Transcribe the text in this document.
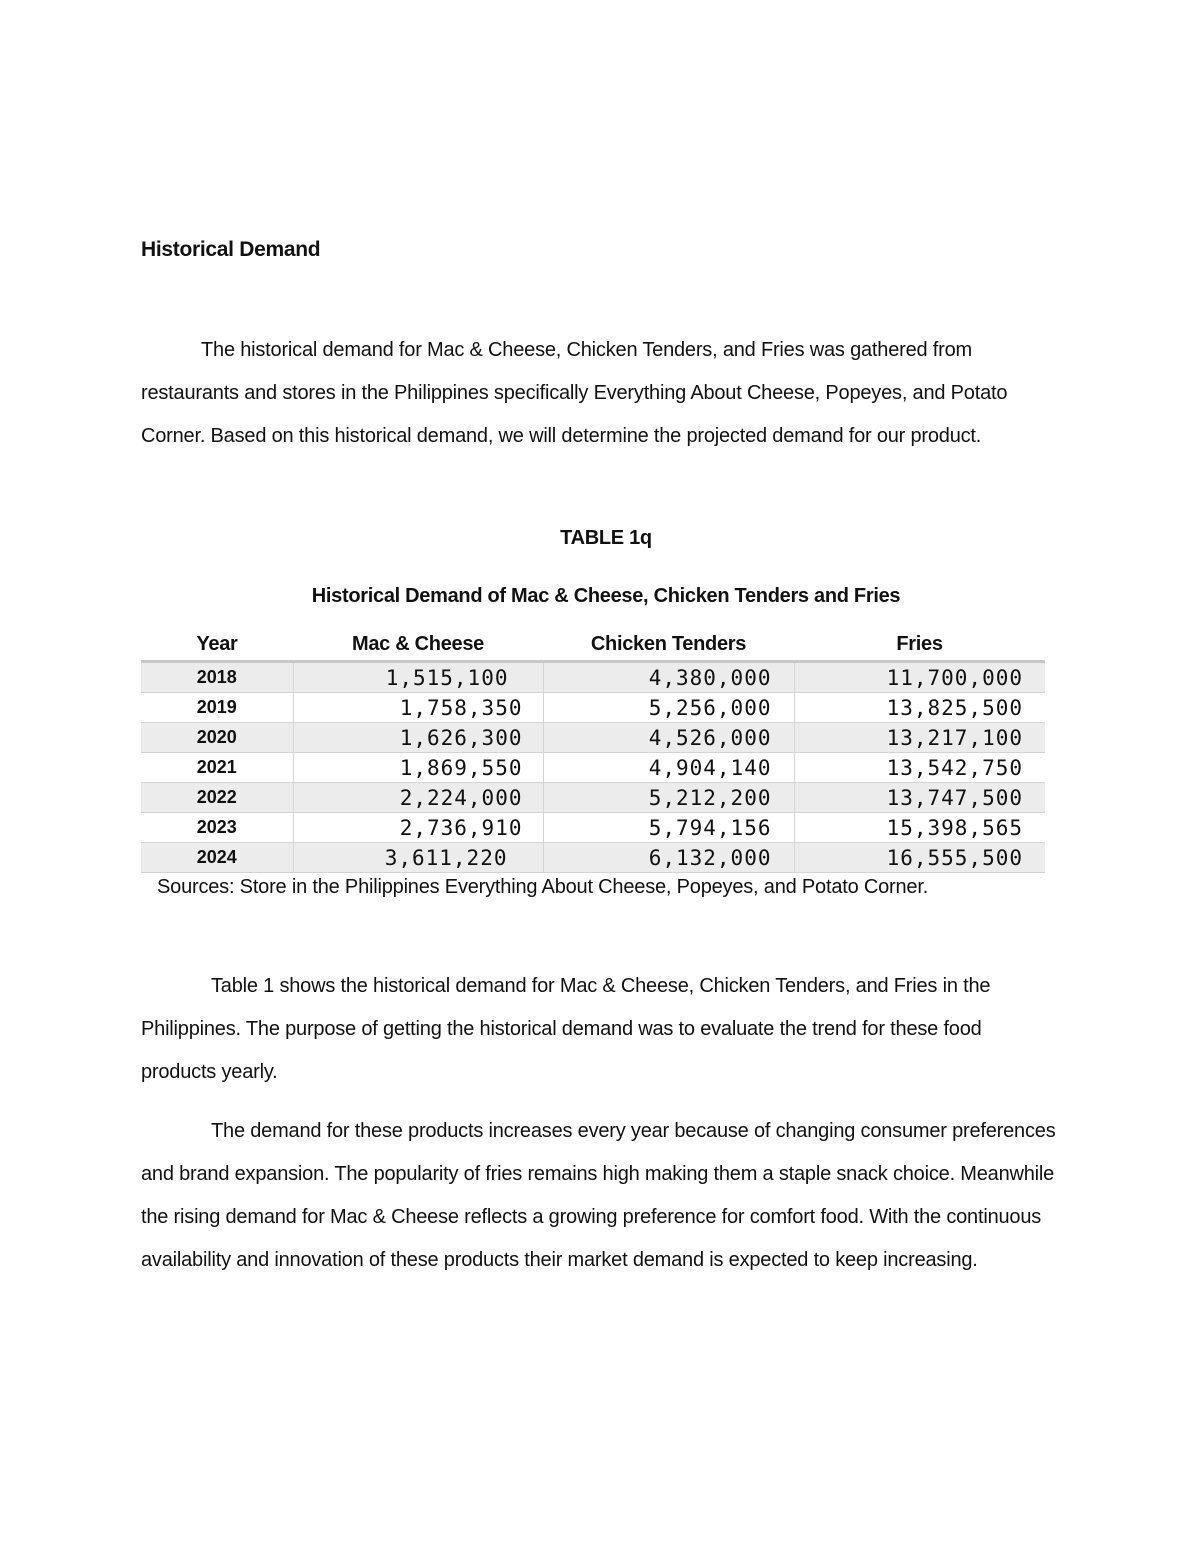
Historical Demand

The historical demand for Mac & Cheese, Chicken Tenders, and Fries was gathered from restaurants and stores in the Philippines specifically Everything About Cheese, Popeyes, and Potato Corner. Based on this historical demand, we will determine the projected demand for our product.

TABLE 1q
Historical Demand of Mac & Cheese, Chicken Tenders and Fries
Year	Mac & Cheese	Chicken Tenders	Fries
2018	1,515,100	4,380,000	11,700,000
2019	1,758,350	5,256,000	13,825,500
2020	1,626,300	4,526,000	13,217,100
2021	1,869,550	4,904,140	13,542,750
2022	2,224,000	5,212,200	13,747,500
2023	2,736,910	5,794,156	15,398,565
2024	3,611,220	6,132,000	16,555,500
Sources: Store in the Philippines Everything About Cheese, Popeyes, and Potato Corner.

Table 1 shows the historical demand for Mac & Cheese, Chicken Tenders, and Fries in the Philippines. The purpose of getting the historical demand was to evaluate the trend for these food products yearly.

The demand for these products increases every year because of changing consumer preferences and brand expansion. The popularity of fries remains high making them a staple snack choice. Meanwhile the rising demand for Mac & Cheese reflects a growing preference for comfort food. With the continuous availability and innovation of these products their market demand is expected to keep increasing.
